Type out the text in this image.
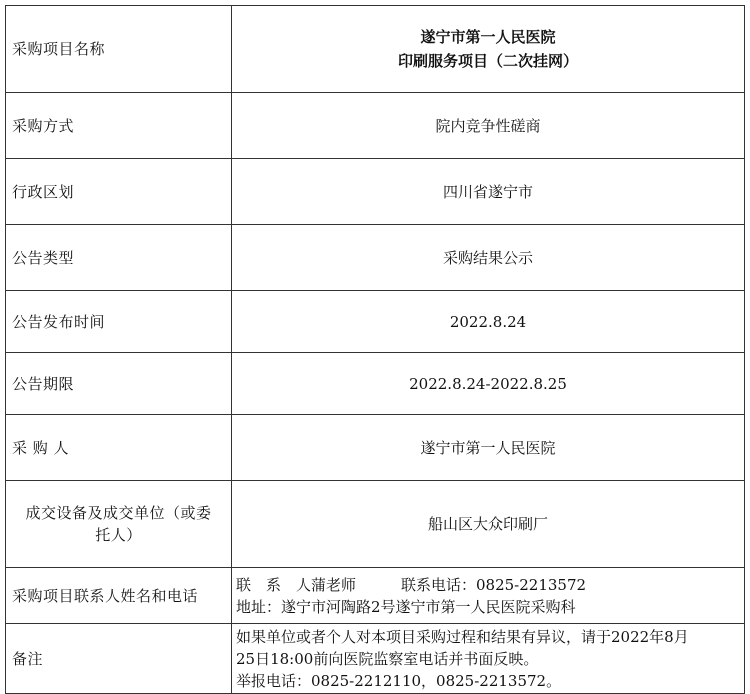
采购项目名称	遂宁市第一人民医院
印刷服务项目（二次挂网）

采购方式	院内竞争性磋商
行政区划	四川省遂宁市
公告类型	采购结果公示
公告发布时间	2022.8.24
公告期限	2022.8.24-2022.8.25
采 购 人	遂宁市第一人民医院
成交设备及成交单位（或委托人）	船山区大众印刷厂
采购项目联系人姓名和电话	联　系　人蒲老师　　　联系电话：0825-2213572
地址：遂宁市河陶路2号遂宁市第一人民医院采购科

备注	如果单位或者个人对本项目采购过程和结果有异议，请于2022年8月
25日18:00前向医院监察室电话并书面反映。
举报电话：0825-2212110，0825-2213572。
